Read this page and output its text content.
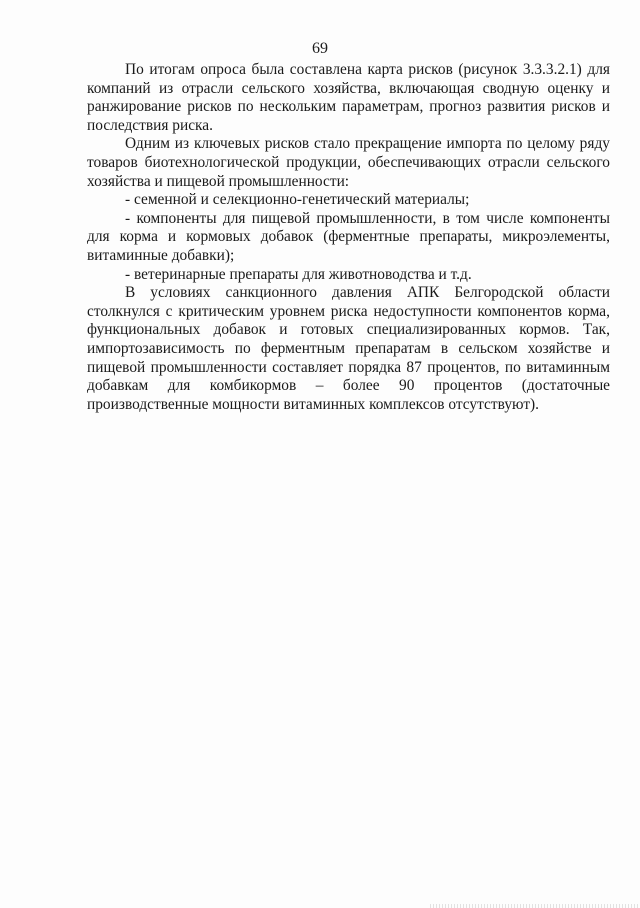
69

По итогам опроса была составлена карта рисков (рисунок 3.3.3.2.1) для компаний из отрасли сельского хозяйства, включающая сводную оценку и ранжирование рисков по нескольким параметрам, прогноз развития рисков и последствия риска.

Одним из ключевых рисков стало прекращение импорта по целому ряду товаров биотехнологической продукции, обеспечивающих отрасли сельского хозяйства и пищевой промышленности:

- семенной и селекционно-генетический материалы;

- компоненты для пищевой промышленности, в том числе компоненты для корма и кормовых добавок (ферментные препараты, микроэлементы, витаминные добавки);

- ветеринарные препараты для животноводства и т.д.

В условиях санкционного давления АПК Белгородской области столкнулся с критическим уровнем риска недоступности компонентов корма, функциональных добавок и готовых специализированных кормов. Так, импортозависимость по ферментным препаратам в сельском хозяйстве и пищевой промышленности составляет порядка 87 процентов, по витаминным добавкам для комбикормов – более 90 процентов (достаточные производственные мощности витаминных комплексов отсутствуют).
